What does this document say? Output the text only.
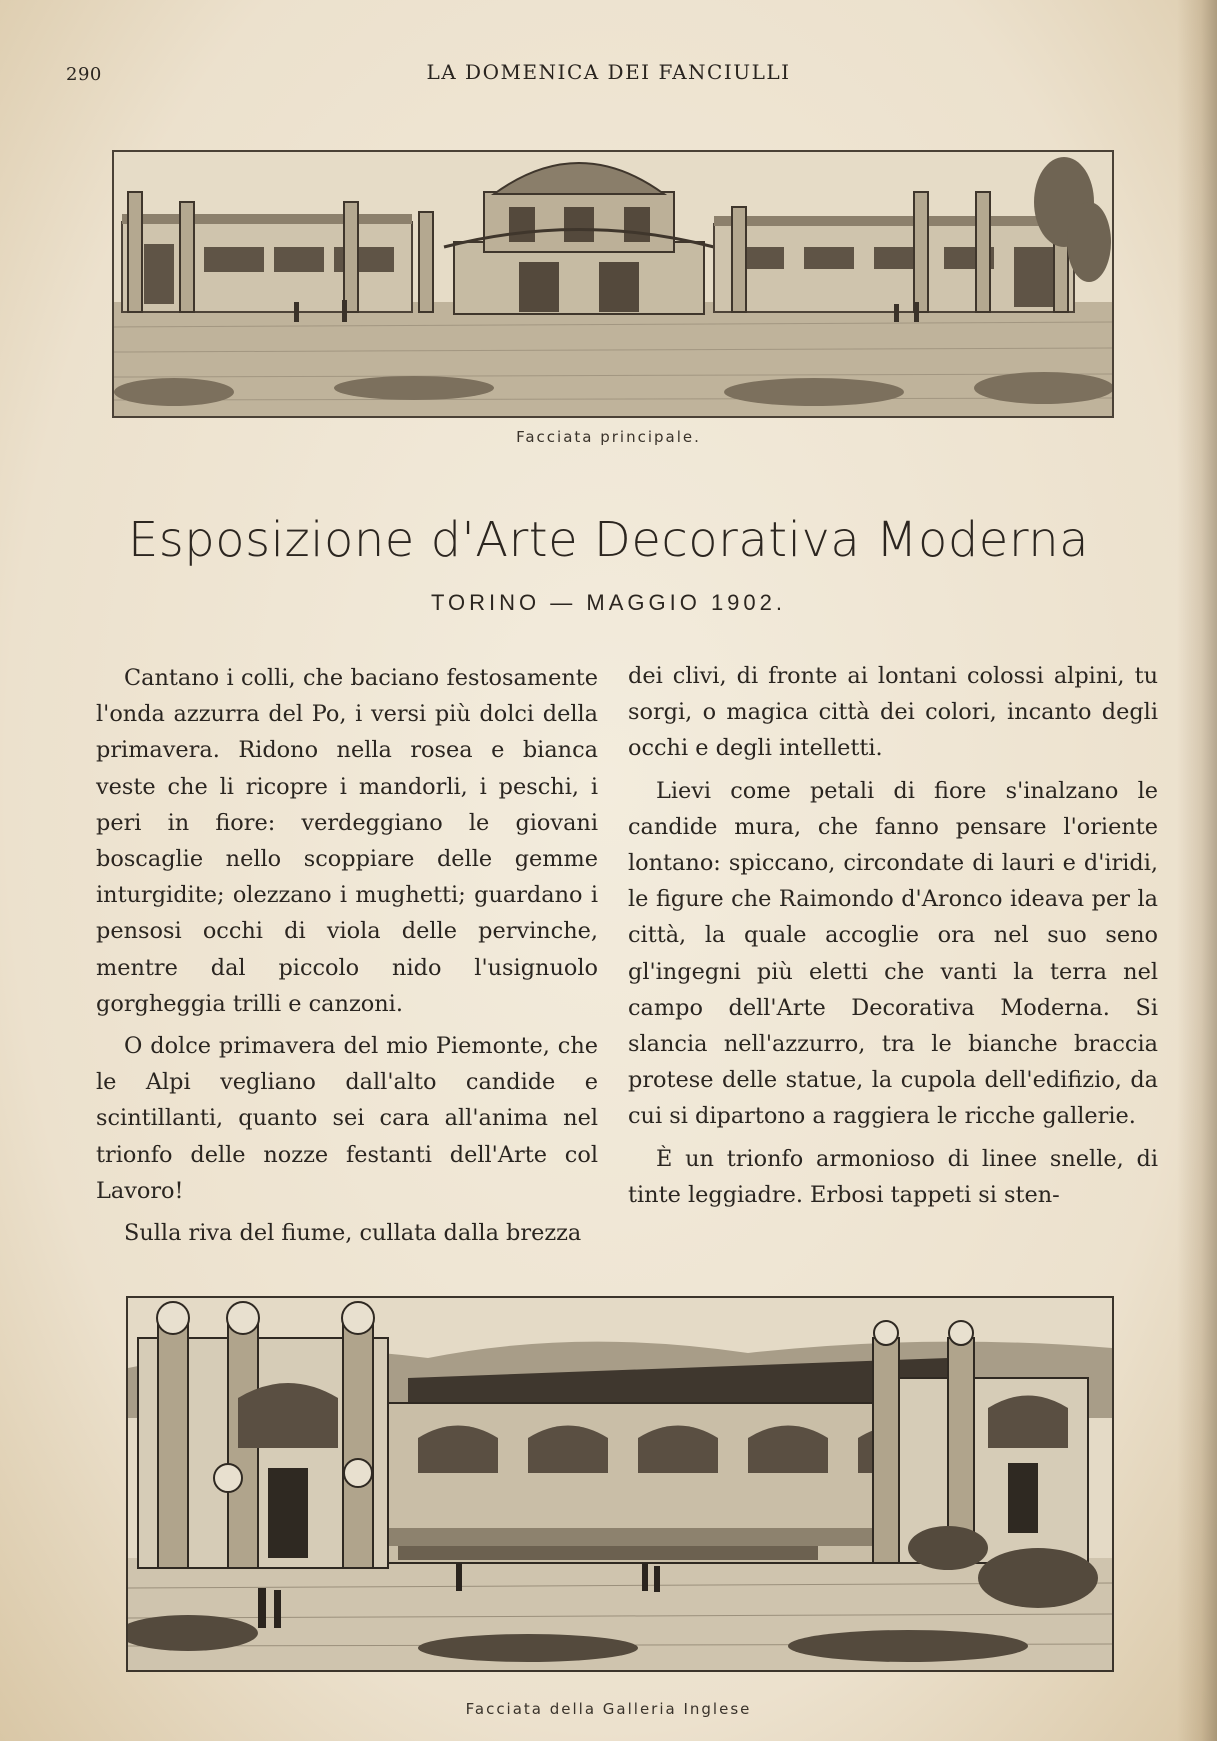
290	LA DOMENICA DEI FANCIULLI
Facciata principale.
Esposizione d'Arte Decorativa Moderna
TORINO — MAGGIO 1902.

Cantano i colli, che baciano festosamente l'onda azzurra del Po, i versi più dolci della primavera. Ridono nella rosea e bianca veste che li ricopre i mandorli, i peschi, i peri in fiore: verdeggiano le giovani boscaglie nello scoppiare delle gemme inturgidite; olezzano i mughetti; guardano i pensosi occhi di viola delle pervinche, mentre dal piccolo nido l'usignuolo gorgheggia trilli e canzoni.

O dolce primavera del mio Piemonte, che le Alpi vegliano dall'alto candide e scintillanti, quanto sei cara all'anima nel trionfo delle nozze festanti dell'Arte col Lavoro!

Sulla riva del fiume, cullata dalla brezza

dei clivi, di fronte ai lontani colossi alpini, tu sorgi, o magica città dei colori, incanto degli occhi e degli intelletti.

Lievi come petali di fiore s'inalzano le candide mura, che fanno pensare l'oriente lontano: spiccano, circondate di lauri e d'iridi, le figure che Raimondo d'Aronco ideava per la città, la quale accoglie ora nel suo seno gl'ingegni più eletti che vanti la terra nel campo dell'Arte Decorativa Moderna. Si slancia nell'azzurro, tra le bianche braccia protese delle statue, la cupola dell'edifizio, da cui si dipartono a raggiera le ricche gallerie.

È un trionfo armonioso di linee snelle, di tinte leggiadre. Erbosi tappeti si sten-

Facciata della Galleria Inglese
